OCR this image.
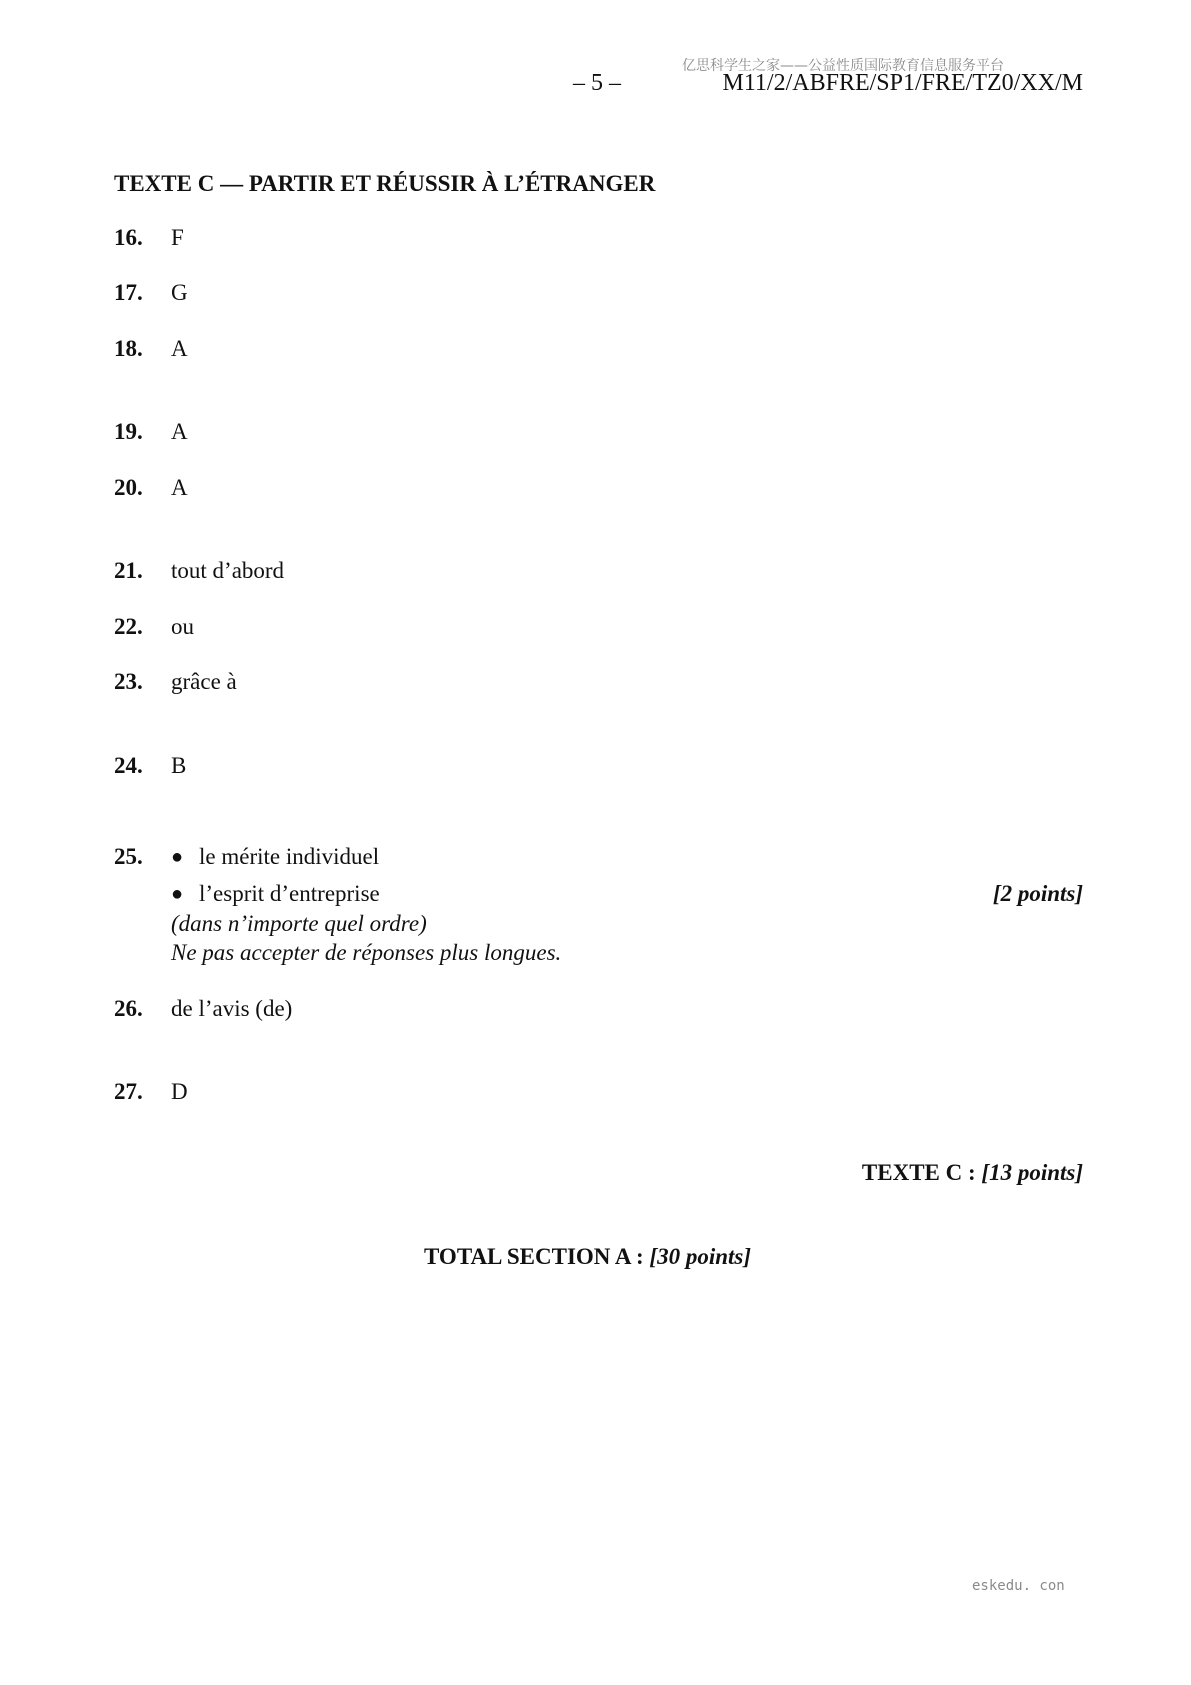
亿思科学生之家——公益性质国际教育信息服务平台
– 5 –	M11/2/ABFRE/SP1/FRE/TZ0/XX/M
TEXTE C — PARTIR ET RÉUSSIR À L’ÉTRANGER
16. F
17. G
18. A
19. A
20. A
21. tout d’abord
22. ou
23. grâce à
24. B
25. ● le mérite individuel
● l’esprit d’entreprise	[2 points]
(dans n’importe quel ordre)
Ne pas accepter de réponses plus longues.
26. de l’avis (de)
27. D
TEXTE C : [13 points]
TOTAL SECTION A : [30 points]
eskedu. con
